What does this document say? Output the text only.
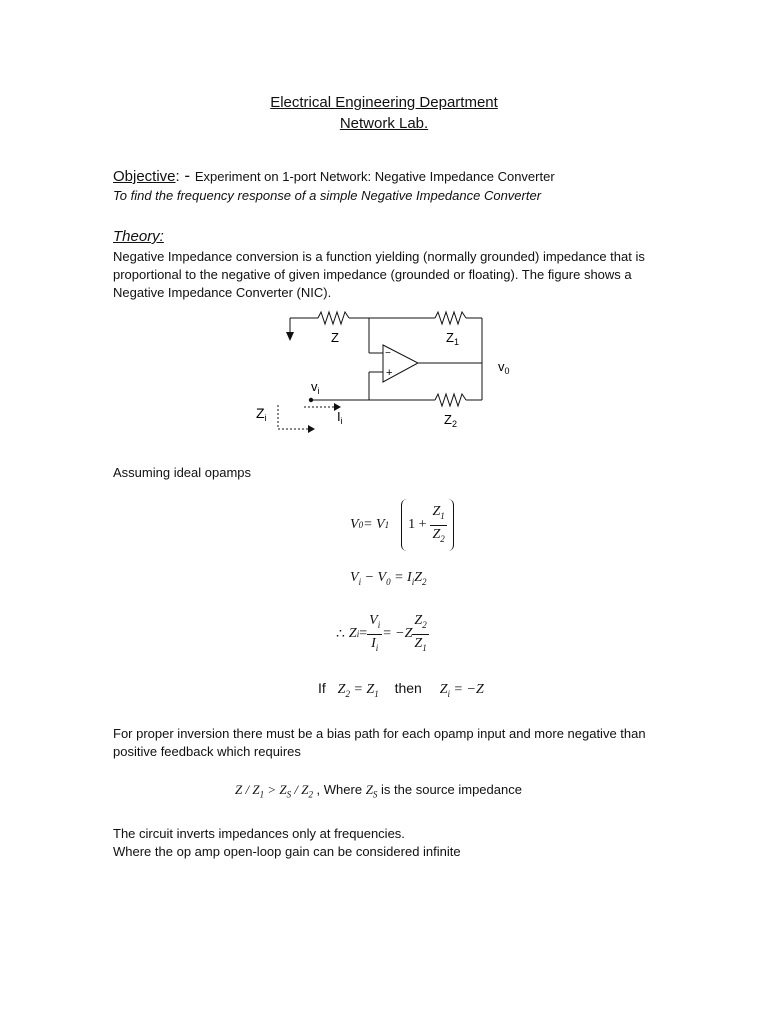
Electrical Engineering Department
Network Lab.
Objective: - Experiment on 1-port Network: Negative Impedance Converter
To find the frequency response of a simple Negative Impedance Converter
Theory:
Negative Impedance conversion is a function yielding (normally grounded) impedance that is
proportional to the negative of given impedance (grounded or floating). The figure shows a
Negative Impedance Converter (NIC).
−
+
Z	$Z_1$
$Z_2$
$v_0$
$v_i$
$Z_i$	$I_i$
Assuming ideal opamps
V 0 = V 1 $1 + \frac{Z_1}{Z_2}$
$V_i - V_0 = I_iZ_2$
∴ Z $i = \frac{V_i}{I_i} = -Z \frac{Z_2}{Z_1}$
If $Z_2 = Z_1$ then $Z_i = -Z$
For proper inversion there must be a bias path for each opamp input and more negative than
positive feedback which requires
$Z / Z_1 > Z_S / Z_2$ , Where $Z_S$ is the source impedance
The circuit inverts impedances only at frequencies.
Where the op amp open-loop gain can be considered infinite
